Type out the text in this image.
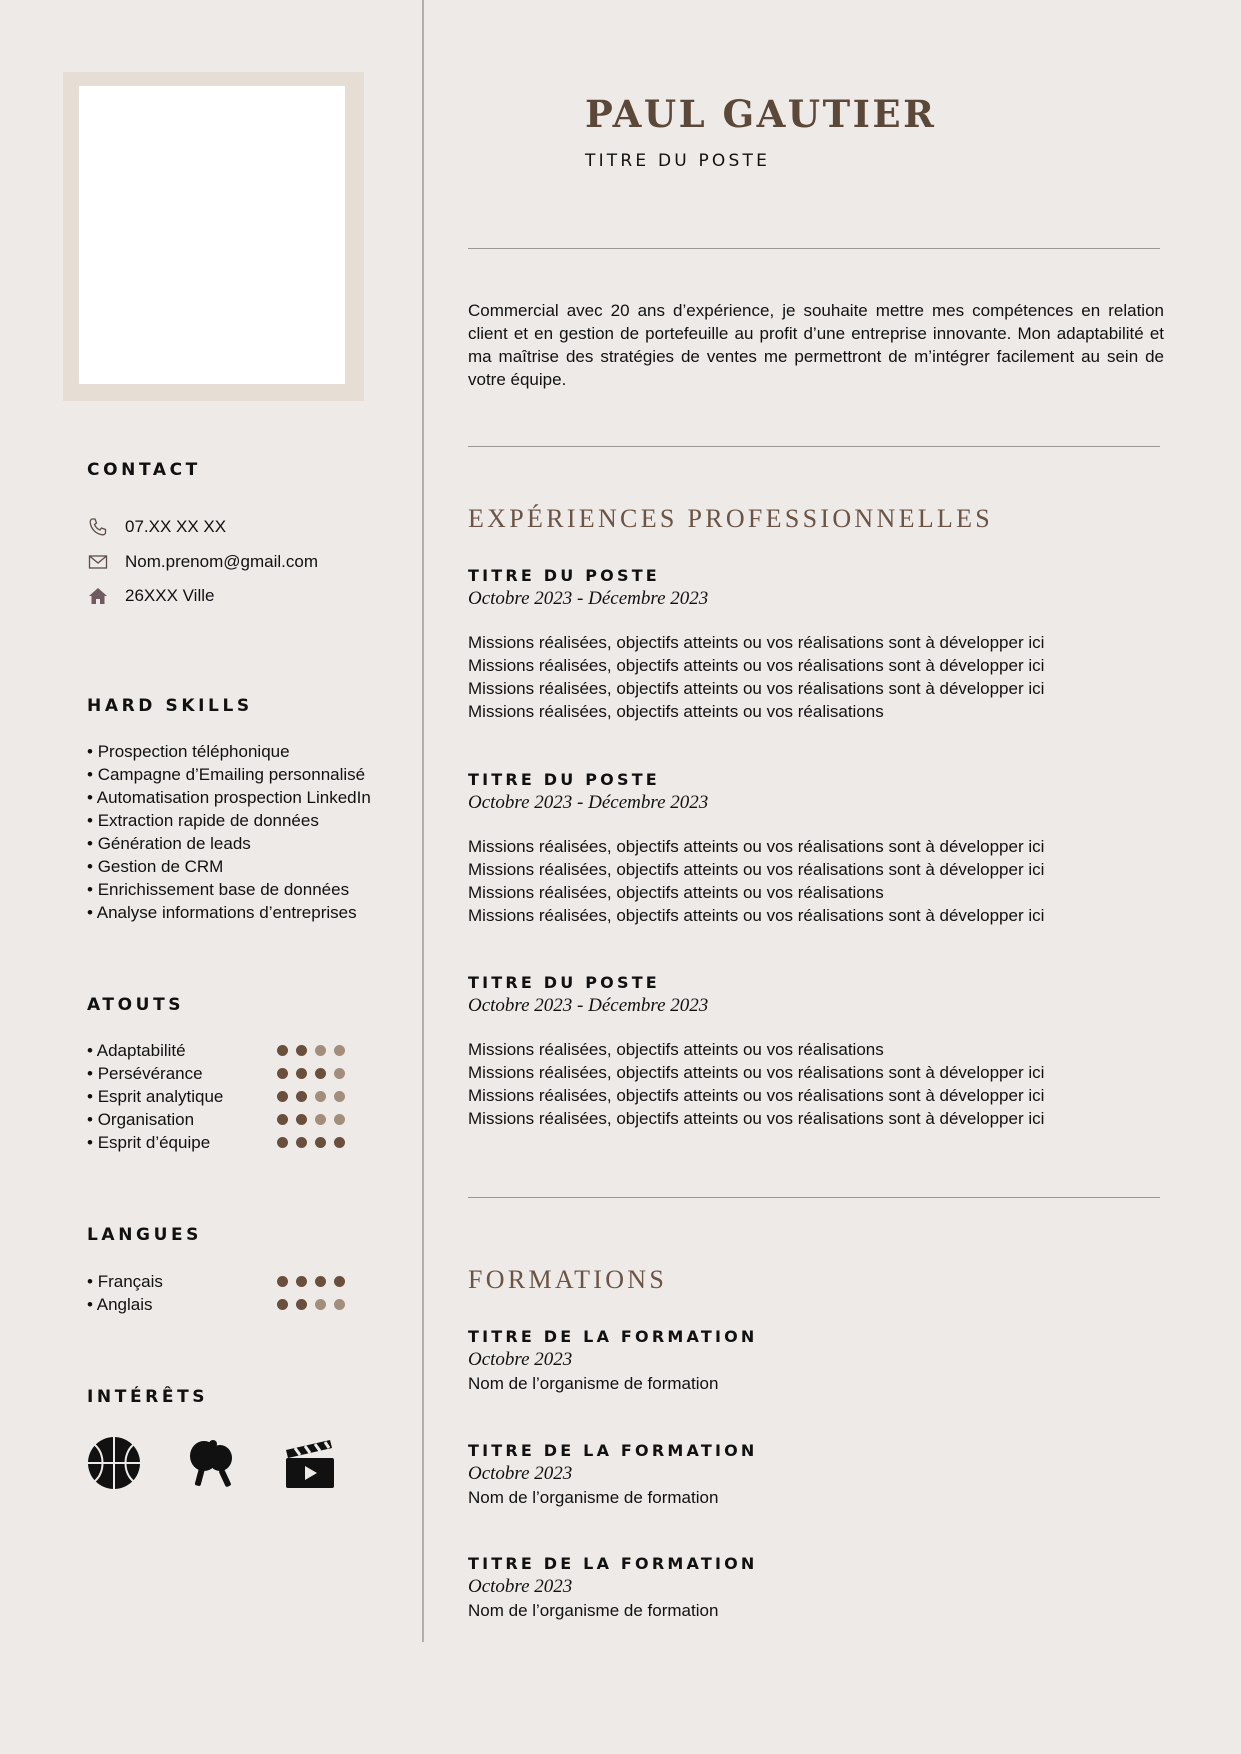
CONTACT
07.XX XX XX
Nom.prenom@gmail.com
26XXX Ville
HARD SKILLS
• Prospection téléphonique
• Campagne d’Emailing personnalisé
• Automatisation prospection LinkedIn
• Extraction rapide de données
• Génération de leads
• Gestion de CRM
• Enrichissement base de données
• Analyse informations d’entreprises
ATOUTS
• Adaptabilité
• Persévérance
• Esprit analytique
• Organisation
• Esprit d’équipe
LANGUES
• Français
• Anglais
INTÉRÊTS
PAUL GAUTIER
TITRE DU POSTE

Commercial avec 20 ans d’expérience, je souhaite mettre mes compétences en relation client et en gestion de portefeuille au profit d’une entreprise innovante. Mon adaptabilité et ma maîtrise des stratégies de ventes me permettront de m’intégrer facilement au sein de votre équipe.

EXPÉRIENCES PROFESSIONNELLES
TITRE DU POSTE
Octobre 2023 - Décembre 2023
Missions réalisées, objectifs atteints ou vos réalisations sont à développer ici
Missions réalisées, objectifs atteints ou vos réalisations sont à développer ici
Missions réalisées, objectifs atteints ou vos réalisations sont à développer ici
Missions réalisées, objectifs atteints ou vos réalisations
TITRE DU POSTE
Octobre 2023 - Décembre 2023
Missions réalisées, objectifs atteints ou vos réalisations sont à développer ici
Missions réalisées, objectifs atteints ou vos réalisations sont à développer ici
Missions réalisées, objectifs atteints ou vos réalisations
Missions réalisées, objectifs atteints ou vos réalisations sont à développer ici
TITRE DU POSTE
Octobre 2023 - Décembre 2023
Missions réalisées, objectifs atteints ou vos réalisations
Missions réalisées, objectifs atteints ou vos réalisations sont à développer ici
Missions réalisées, objectifs atteints ou vos réalisations sont à développer ici
Missions réalisées, objectifs atteints ou vos réalisations sont à développer ici
FORMATIONS
TITRE DE LA FORMATION
Octobre 2023
Nom de l’organisme de formation
TITRE DE LA FORMATION
Octobre 2023
Nom de l’organisme de formation
TITRE DE LA FORMATION
Octobre 2023
Nom de l’organisme de formation
